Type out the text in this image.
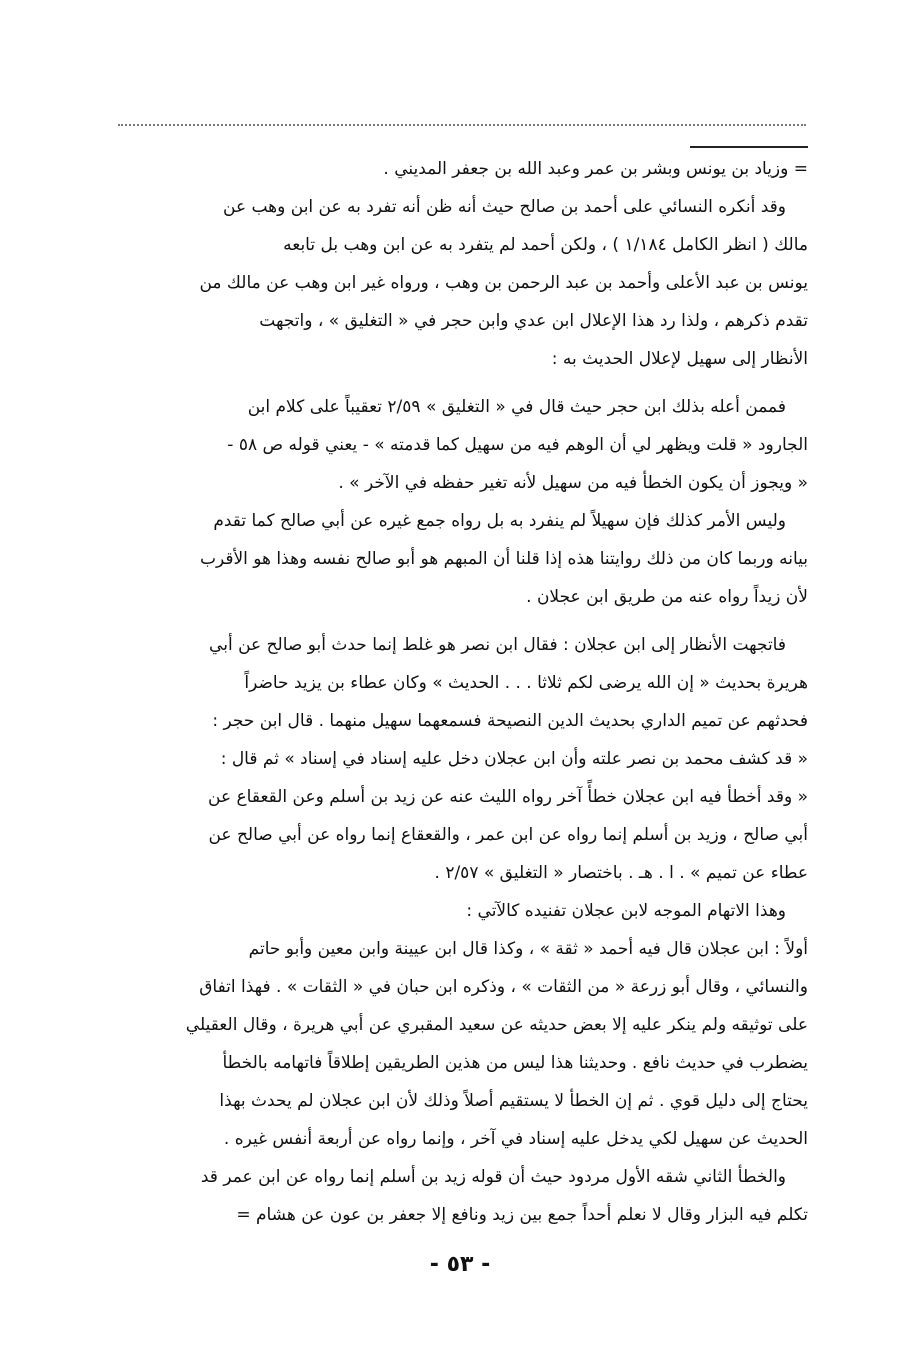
= وزياد بن يونس وبشر بن عمر وعبد الله بن جعفر المديني .
وقد أنكره النسائي على أحمد بن صالح حيث أنه ظن أنه تفرد به عن ابن وهب عن
مالك ( انظر الكامل ١/١٨٤ ) ، ولكن أحمد لم يتفرد به عن ابن وهب بل تابعه
يونس بن عبد الأعلى وأحمد بن عبد الرحمن بن وهب ، ورواه غير ابن وهب عن مالك من
تقدم ذكرهم ، ولذا رد هذا الإعلال ابن عدي وابن حجر في « التغليق » ، واتجهت
الأنظار إلى سهيل لإعلال الحديث به :
فممن أعله بذلك ابن حجر حيث قال في « التغليق » ٢/٥٩ تعقيباً على كلام ابن
الجارود « قلت ويظهر لي أن الوهم فيه من سهيل كما قدمته » - يعني قوله ص ٥٨ -
« ويجوز أن يكون الخطأ فيه من سهيل لأنه تغير حفظه في الآخر » .
وليس الأمر كذلك فإن سهيلاً لم ينفرد به بل رواه جمع غيره عن أبي صالح كما تقدم
بيانه وربما كان من ذلك روايتنا هذه إذا قلنا أن المبهم هو أبو صالح نفسه وهذا هو الأقرب
لأن زيداً رواه عنه من طريق ابن عجلان .
فاتجهت الأنظار إلى ابن عجلان : فقال ابن نصر هو غلط إنما حدث أبو صالح عن أبي
هريرة بحديث « إن الله يرضى لكم ثلاثا . . . الحديث » وكان عطاء بن يزيد حاضراً
فحدثهم عن تميم الداري بحديث الدين النصيحة فسمعهما سهيل منهما . قال ابن حجر :
« قد كشف محمد بن نصر علته وأن ابن عجلان دخل عليه إسناد في إسناد » ثم قال :
« وقد أخطأ فيه ابن عجلان خطأً آخر رواه الليث عنه عن زيد بن أسلم وعن القعقاع عن
أبي صالح ، وزيد بن أسلم إنما رواه عن ابن عمر ، والقعقاع إنما رواه عن أبي صالح عن
عطاء عن تميم » . ا . هـ . باختصار « التغليق » ٢/٥٧ .
وهذا الاتهام الموجه لابن عجلان تفنيده كالآتي :
أولاً : ابن عجلان قال فيه أحمد « ثقة » ، وكذا قال ابن عيينة وابن معين وأبو حاتم
والنسائي ، وقال أبو زرعة « من الثقات » ، وذكره ابن حبان في « الثقات » . فهذا اتفاق
على توثيقه ولم ينكر عليه إلا بعض حديثه عن سعيد المقبري عن أبي هريرة ، وقال العقيلي
يضطرب في حديث نافع . وحديثنا هذا ليس من هذين الطريقين إطلاقاً فاتهامه بالخطأ
يحتاج إلى دليل قوي . ثم إن الخطأ لا يستقيم أصلاً وذلك لأن ابن عجلان لم يحدث بهذا
الحديث عن سهيل لكي يدخل عليه إسناد في آخر ، وإنما رواه عن أربعة أنفس غيره .
والخطأ الثاني شقه الأول مردود حيث أن قوله زيد بن أسلم إنما رواه عن ابن عمر قد
تكلم فيه البزار وقال لا نعلم أحداً جمع بين زيد ونافع إلا جعفر بن عون عن هشام =
- ٥٣ -
